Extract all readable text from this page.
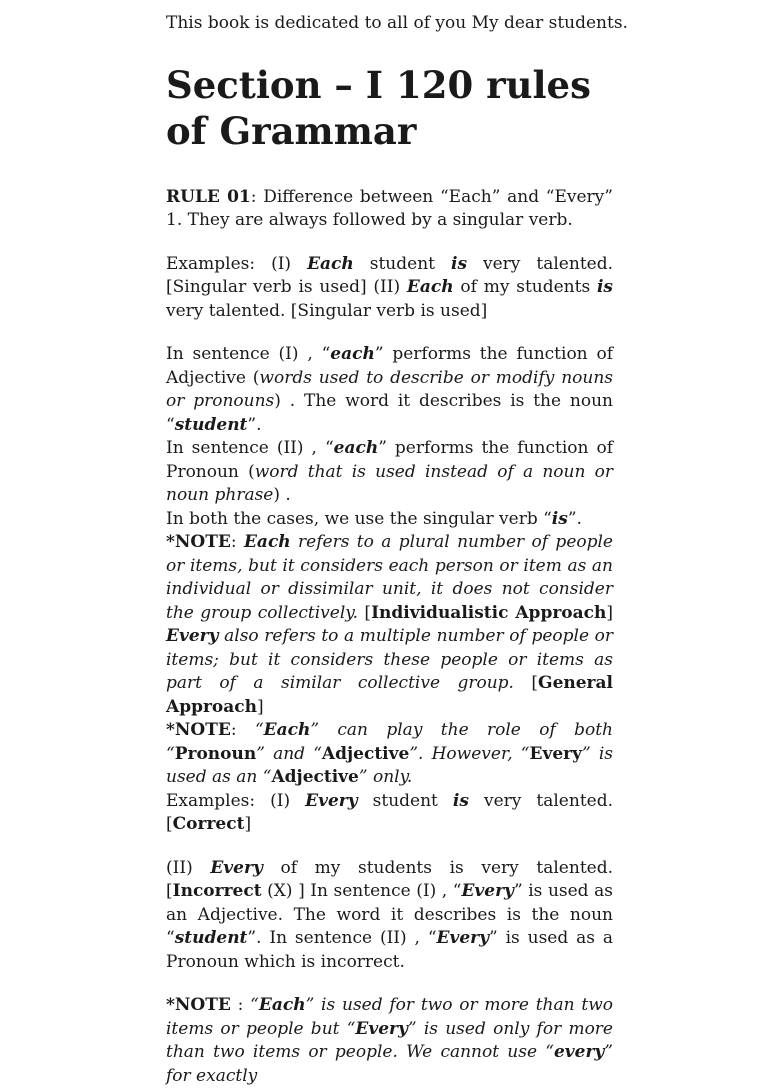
This book is dedicated to all of you My dear students.

Section – I 120 rules
of Grammar

RULE 01: Difference between “Each” and “Every” 1. They are always followed by a singular verb.

Examples: (I) Each student is very talented. [Singular verb is used] (II) Each of my students is very talented. [Singular verb is used]

In sentence (I) , “each” performs the function of Adjective (words used to describe or modify nouns or pronouns) . The word it describes is the noun “student”.

In sentence (II) , “each” performs the function of Pronoun (word that is used instead of a noun or noun phrase) .

In both the cases, we use the singular verb “is”.

*NOTE: Each refers to a plural number of people or items, but it considers each person or item as an individual or dissimilar unit, it does not consider the group collectively. [Individualistic Approach] Every also refers to a multiple number of people or items; but it considers these people or items as part of a similar collective group. [General Approach]

*NOTE: “Each” can play the role of both “Pronoun” and “Adjective”. However, “Every” is used as an “Adjective” only.

Examples: (I) Every student is very talented. [Correct]

(II) Every of my students is very talented. [Incorrect (X) ] In sentence (I) , “Every” is used as an Adjective. The word it describes is the noun “student”. In sentence (II) , “Every” is used as a Pronoun which is incorrect.

*NOTE : “Each” is used for two or more than two items or people but “Every” is used only for more than two items or people. We cannot use “every” for exactly
